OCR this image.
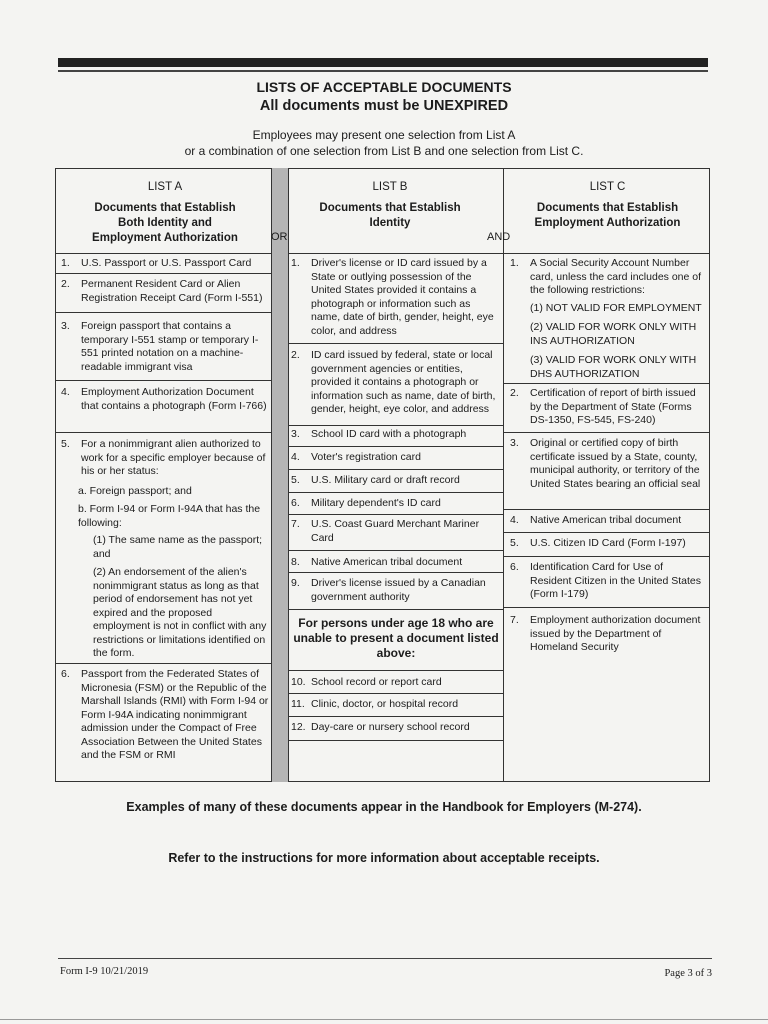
LISTS OF ACCEPTABLE DOCUMENTS
All documents must be UNEXPIRED
Employees may present one selection from List A
or a combination of one selection from List B and one selection from List C.
LIST A
Documents that Establish
Both Identity and
Employment Authorization	OR
LIST B
Documents that Establish
Identity
AND
LIST C
Documents that Establish
Employment Authorization
1.	U.S. Passport or U.S. Passport Card
2.	Permanent Resident Card or Alien Registration Receipt Card (Form I-551)
3.	Foreign passport that contains a temporary I-551 stamp or temporary I-551 printed notation on a machine-readable immigrant visa
4.	Employment Authorization Document that contains a photograph (Form I-766)
5.	For a nonimmigrant alien authorized to work for a specific employer because of his or her status:
a. Foreign passport; and
b. Form I-94 or Form I-94A that has the following:
(1) The same name as the passport; and
(2) An endorsement of the alien's nonimmigrant status as long as that period of endorsement has not yet expired and the proposed employment is not in conflict with any restrictions or limitations identified on the form.
6.	Passport from the Federated States of Micronesia (FSM) or the Republic of the Marshall Islands (RMI) with Form I-94 or Form I-94A indicating nonimmigrant admission under the Compact of Free Association Between the United States and the FSM or RMI
1.	Driver's license or ID card issued by a State or outlying possession of the United States provided it contains a photograph or information such as name, date of birth, gender, height, eye color, and address
2.	ID card issued by federal, state or local government agencies or entities, provided it contains a photograph or information such as name, date of birth, gender, height, eye color, and address
3.	School ID card with a photograph
4.	Voter's registration card
5.	U.S. Military card or draft record
6.	Military dependent's ID card
7.	U.S. Coast Guard Merchant Mariner Card
8.	Native American tribal document
9.	Driver's license issued by a Canadian government authority
For persons under age 18 who are unable to present a document listed above:
10. School record or report card
11. Clinic, doctor, or hospital record
12. Day-care or nursery school record
1.	A Social Security Account Number card, unless the card includes one of the following restrictions:
(1) NOT VALID FOR EMPLOYMENT
(2) VALID FOR WORK ONLY WITH INS AUTHORIZATION
(3) VALID FOR WORK ONLY WITH DHS AUTHORIZATION
2.	Certification of report of birth issued by the Department of State (Forms DS-1350, FS-545, FS-240)
3.	Original or certified copy of birth certificate issued by a State, county, municipal authority, or territory of the United States bearing an official seal
4.	Native American tribal document
5.	U.S. Citizen ID Card (Form I-197)
6.	Identification Card for Use of Resident Citizen in the United States (Form I-179)
7.	Employment authorization document issued by the Department of Homeland Security
Examples of many of these documents appear in the Handbook for Employers (M-274).
Refer to the instructions for more information about acceptable receipts.
Form I-9 10/21/2019	Page 3 of 3
